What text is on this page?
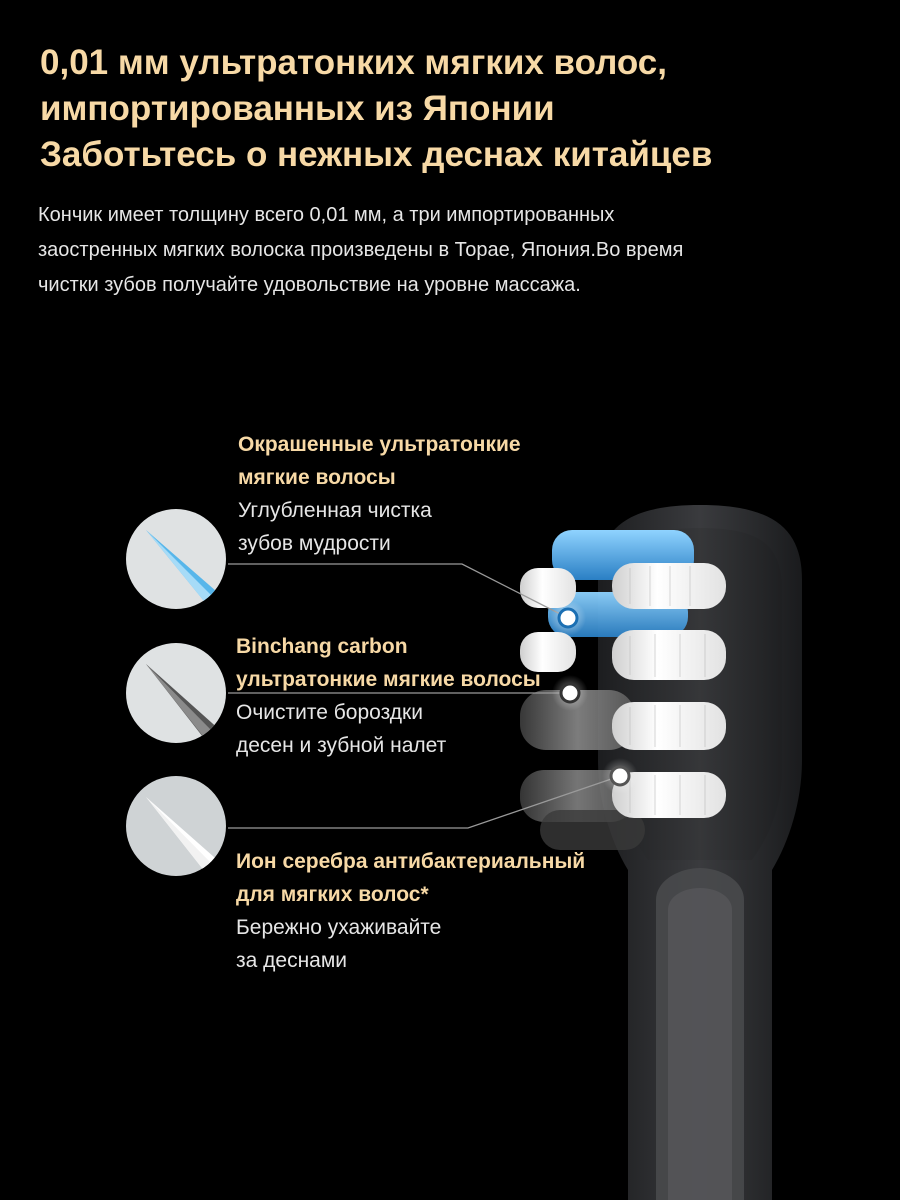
0,01 мм ультратонких мягких волос,
импортированных из Японии
Заботьтесь о нежных деснах китайцев

Кончик имеет толщину всего 0,01 мм, а три импортированных
заостренных мягких волоска произведены в Торае, Япония.Во время
чистки зубов получайте удовольствие на уровне массажа.

Окрашенные ультратонкие
мягкие волосы
Углубленная чистка
зубов мудрости
Binchang carbon
ультратонкие мягкие волосы
Очистите бороздки
десен и зубной налет
Ион серебра антибактериальный
для мягких волос*
Бережно ухаживайте
за деснами
